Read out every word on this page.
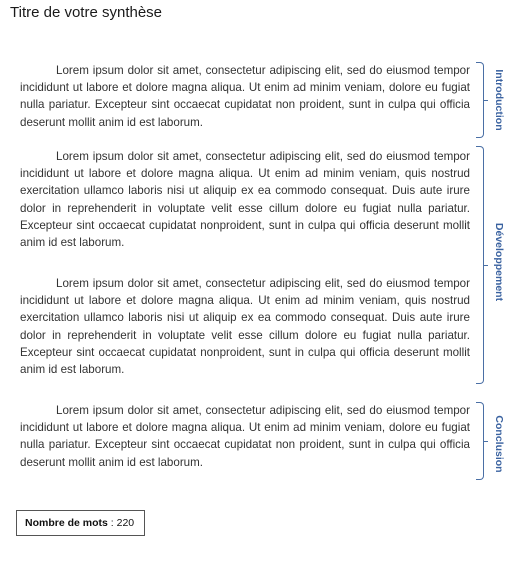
Titre de votre synthèse

Lorem ipsum dolor sit amet, consectetur adipiscing elit, sed do eiusmod tempor incididunt ut labore et dolore magna aliqua. Ut enim ad minim veniam, dolore eu fugiat nulla pariatur. Excepteur sint occaecat cupidatat non proident, sunt in culpa qui officia deserunt mollit anim id est laborum.

Lorem ipsum dolor sit amet, consectetur adipiscing elit, sed do eiusmod tempor incididunt ut labore et dolore magna aliqua. Ut enim ad minim veniam, quis nostrud exercitation ullamco laboris nisi ut aliquip ex ea commodo consequat. Duis aute irure dolor in reprehenderit in voluptate velit esse cillum dolore eu fugiat nulla pariatur. Excepteur sint occaecat cupidatat nonproident, sunt in culpa qui officia deserunt mollit anim id est laborum.

Lorem ipsum dolor sit amet, consectetur adipiscing elit, sed do eiusmod tempor incididunt ut labore et dolore magna aliqua. Ut enim ad minim veniam, quis nostrud exercitation ullamco laboris nisi ut aliquip ex ea commodo consequat. Duis aute irure dolor in reprehenderit in voluptate velit esse cillum dolore eu fugiat nulla pariatur. Excepteur sint occaecat cupidatat nonproident, sunt in culpa qui officia deserunt mollit anim id est laborum.

Lorem ipsum dolor sit amet, consectetur adipiscing elit, sed do eiusmod tempor incididunt ut labore et dolore magna aliqua. Ut enim ad minim veniam, dolore eu fugiat nulla pariatur. Excepteur sint occaecat cupidatat non proident, sunt in culpa qui officia deserunt mollit anim id est laborum.

Introduction
Développement
Conclusion
Nombre de mots : 220
